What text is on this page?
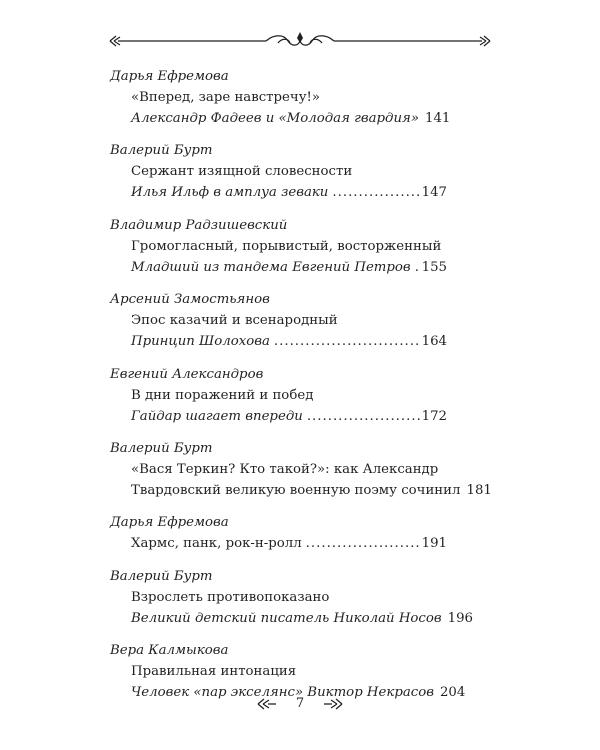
Дарья Ефремова
«Вперед, заре навстречу!»
Александр Фадеев и «Молодая гвардия» 141
Валерий Бурт
Сержант изящной словесности
Илья Ильф в амплуа зеваки .....	147
Владимир Радзишевский
Громогласный, порывистый, восторженный
Младший из тандема Евгений Петров ..... 155
Арсений Замостьянов
Эпос казачий и всенародный
Принцип Шолохова .....	164
Евгений Александров
В дни поражений и побед
Гайдар шагает впереди .....	172
Валерий Бурт
«Вася Теркин? Кто такой?»: как Александр
Твардовский великую военную поэму сочинил 181
Дарья Ефремова
Хармс, панк, рок-н-ролл .....	191
Валерий Бурт
Взрослеть противопоказано
Великий детский писатель Николай Носов 196
Вера Калмыкова
Правильная интонация
Человек «пар экселянс» Виктор Некрасов 204
7
